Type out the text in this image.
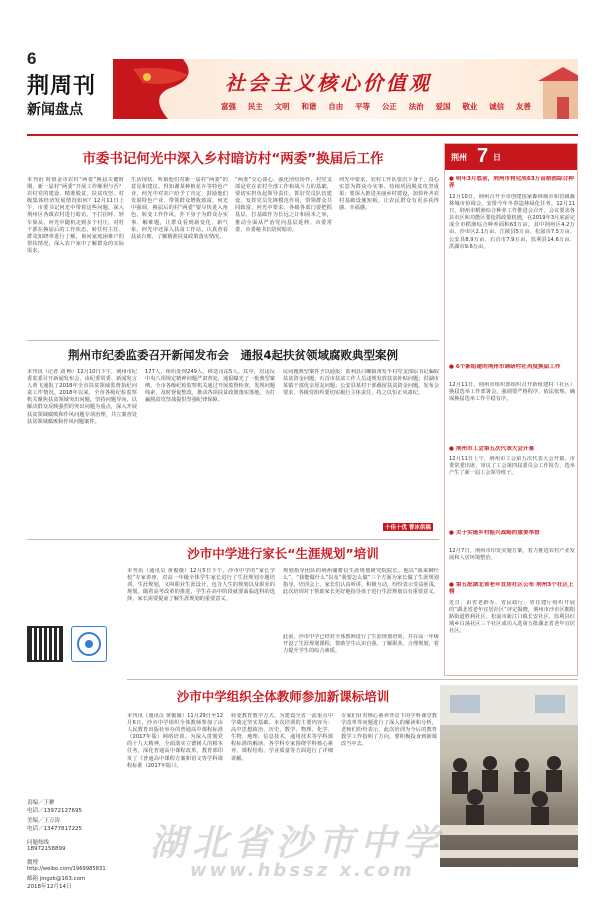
6
荆周刊
新闻盘点
社会主义核心价值观
富强 民主 文明 和谐 自由 平等 公正 法治 爱国 敬业 诚信 友善
市委书记何光中深入乡村暗访村“两委”换届后工作
本刊讯 时值金市农村“两委”换届关键时期，新一届村“两委”开展工作顺利与否？农村党的建设、精准脱贫、扶贫攻坚、村级集体经济发展情况如何？12月11日上午，市委书记何光中带着这些问题，深入荆州区各镇农村进行暗访。不打招呼、轻车简从，何光中随机走到多个村庄，对村干部在换届后的工作状态、转任村主任、群众知晓率进行了解，询问家庭困难户的帮扶情况，深入农户家中了解群众的实际需求。
生活现状，听取他们对新一届村“两委”的意见和建议。得知谢某种植花卉等特色产业，何光中对农户给予了肯定，鼓励他们发展特色产业、带领群众增收致富。何光中强调，换届后的村“两委”要尽快进入角色，转变工作作风，扑下身子为群众办实事、解难题，让群众看到新变化、新气象。何光中还深入扶贫工作站，认真查看扶贫台账，了解精准扶贫政策落实情况。
“两委”交心谈心，强化团结协作，村党支部是党在农村全部工作和战斗力的基础，要切实担负起领导责任，抓好党员队伍建设，发挥党员先锋模范作用，带领群众共同致富。何光中要求，各级各部门要把抓基层、打基础作为长远之计和固本之举，推动全面从严治党向基层延伸。市委常委、市委秘书长陪同暗访。
何光中要求，驻村工作队要沉下身子，真心实意为群众办实事，持续巩固脱贫攻坚成果；要深入推进美丽乡村建设，加快补齐农村基础设施短板，让农民群众有更多获得感、幸福感。
荆州市纪委监委召开新闻发布会　通报4起扶贫领域腐败典型案例
本刊讯（记者 刘 畅）12月10日下午，荆州市纪委监委召开新闻发布会，由纪委常委、新闻发言人黄飞通报了2018年全市扶贫领域监督执纪问责工作情况。2018年以来，全市各级纪检监察机关聚焦扶贫领域突出问题，坚持问题导向，以解决群众反映强烈的突出问题为重点，深入开展扶贫领域腐败和作风问题专项治理，共立案查处扶贫领域腐败和作风问题案件。
177人，组织处理249人，移送司法5人。其中，对违反中央八项规定精神问题严肃查处，通报曝光了一批典型案例。全市各级纪检监察机关通过开展监督检查，发现问题线索，及时督促整改，推动各项扶贫政策落实落地，为打赢脱贫攻坚战提供坚强纪律保障。
民问题典型案件予以通报：监利县白螺镇黄发半村党支部原书记骗取扶贫资金问题；石首市扶贫工作人员违规发放扶贫补贴问题；洪湖市某镇干部优亲厚友问题；公安县某村干部截留扶贫资金问题。发布会要求，各级党组织要切实履行主体责任，持之以恒正风肃纪。
十佳十优 曹冰供稿
责编／王翀
电话／13972127695
美编／王万涛
电话／13477817225
问题热线
18972158899
微博
http://weibo.com/1969985831
邮箱 jingzk@163.com
2018年12月14日
沙市中学进行家长“生涯规划”培训
本刊讯（通讯员 黄俊薇）12月5日下午，沙市中学的“家长学校”专家讲座，对高一年级全体学生家长进行了生涯规划专题培训。生涯规划，又叫职业生涯设计，包含人生的规划以及职业的规划。随着高考改革的推进，学生在高中阶段就要面临选科的选择，家长需要提前了解生涯规划的重要意义。
规划指导团队的荆州储蓄信生涯规划研究院院长、他以“我来聊什么”、“我能做什么”以及“我要怎么做”三个方面为家长做了生涯规划指导。培训会上，家长们认真听讲、积极互动，纷纷表示受益匪浅，此次培训对于帮助家长更好地指导孩子进行生涯规划具有重要意义。
此前，沙市中学已经对全体教师进行了生涯规划培训，并在高一年级开设了生涯规划课程，帮助学生认识自我、了解职业、合理规划，着力提升学生的综合素质。
沙市中学组织全体教师参加新课标培训
本刊讯（通讯员 黄俊薇）11月29日至12月6日，沙市中学组织全体教师参加了由人民教育出版社举办的普通高中课程标准（2017年版）网络培训。为深入贯彻党的十九大精神，全面落实立德树人的根本任务，深化普通高中课程改革，教育部印发了《普通高中课程方案和语文等学科课程标准（2017年版）》。
转变教育教学方式，为建设全省一流重点中学奠定坚实基础。本次培训的主要内容为：高中思想政治、历史、数学、物理、化学、生物、地理、信息技术、通用技术等学科课程标准的解读，各学科专家围绕学科核心素养、课程结构、学业质量等方面进行了详细讲解。
专家们针对核心素养背景下的学科课堂教学改革等问题进行了深入的解读和分析，老师们纷纷表示，此次培训为今后的教育教学工作指明了方向，要积极投身到新课改当中去。
荆州 7 日
● 明年3月底前，荆州市将完成63万亩稻渔综合种养
12月10日，荆州召开全市创建国家森林城市和省级森林城市协调会，安排今年冬春造林绿化任务。12月11日，荆州市稻渔综合种养工作推进会召开，会议要求各县市区和功能区要抢抓政策机遇，在2019年3月底前完成全市稻渔综合种养面积63万亩，其中荆州区4.2万亩、沙市区2.1万亩、江陵县5万亩、松滋市7.5万亩、公安县8.9万亩、石首市7.9万亩、监利县14.6万亩、洪湖市9.6万亩。
● 6个新组建的荆州市调研村社再度换届工作
12月11日，荆州市组织部组织召开新组建村（社区）换届选举工作部署会，强调要严格程序、依法依规，确保换届选举工作平稳有序。
● 荆州市工会第五次代表大会开幕
12月11日上午，荆州市工会第五次代表大会开幕。市委常委出席，审议了工会第四届委员会工作报告，选举产生了新一届工会领导班子。
● 关于实施乡村振兴战略的重要举措
12月7日，荆州市印发实施方案，着力推进农村产业发展和人居环境整治。
● 第五批湖北省老年宜居社区公布 荆州3个社区上榜
近日，由省老龄办、省民政厅、省住建厅组织开展的“湖北省老年宜居社区”评定揭晓，荆州市沙市区朝阳路街道胜利社区、松滋市新江口镇长安社区、监利县红城乡白荡社区三个社区成功入选第五批湖北省老年宜居社区。
湖北省沙市中学
www.hbssz x.com
